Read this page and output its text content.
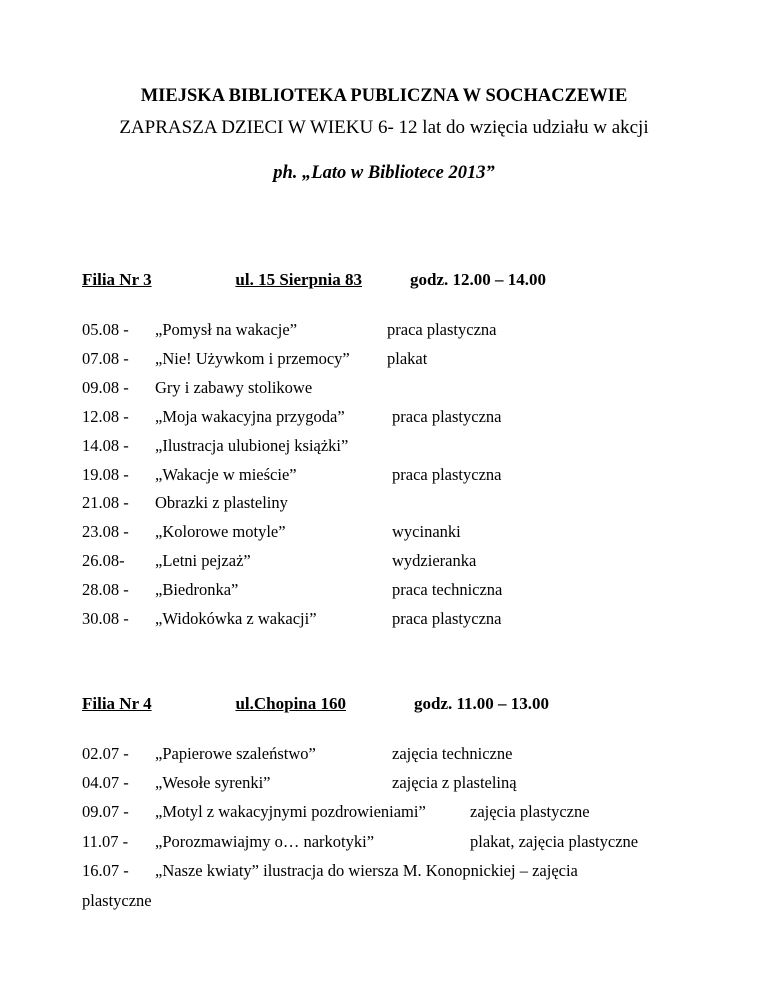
MIEJSKA BIBLIOTEKA PUBLICZNA W SOCHACZEWIE
ZAPRASZA DZIECI W WIEKU 6- 12 lat do wzięcia udziału w akcji
ph. „Lato w Bibliotece 2013”
Filia Nr 3	ul. 15 Sierpnia 83	godz. 12.00 – 14.00
05.08 - „Pomysł na wakacje”	praca plastyczna
07.08 - „Nie! Używkom i przemocy” plakat
09.08 - Gry i zabawy stolikowe
12.08 - „Moja wakacyjna przygoda”	praca plastyczna
14.08 - „Ilustracja ulubionej książki”
19.08 - „Wakacje w mieście”	praca plastyczna
21.08 - Obrazki z plasteliny
23.08 - „Kolorowe motyle”	wycinanki
26.08- „Letni pejzaż”	wydzieranka
28.08 - „Biedronka”	praca techniczna
30.08 - „Widokówka z wakacji”	praca plastyczna
Filia Nr 4	ul.Chopina 160	godz. 11.00 – 13.00
02.07 - „Papierowe szaleństwo”	zajęcia techniczne
04.07 - „Wesołe syrenki”	zajęcia z plasteliną
09.07 - „Motyl z wakacyjnymi pozdrowieniami”	zajęcia plastyczne
11.07 - „Porozmawiajmy o… narkotyki”	plakat, zajęcia plastyczne
16.07 - „Nasze kwiaty” ilustracja do wiersza M. Konopnickiej – zajęcia
plastyczne
